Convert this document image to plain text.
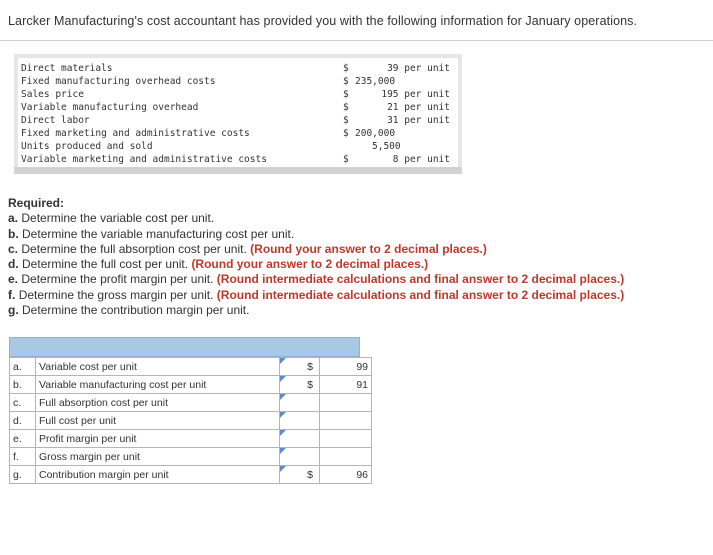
Larcker Manufacturing's cost accountant has provided you with the following information for January operations.
Direct materials	$	39 per unit
Fixed manufacturing overhead costs	$ 235,000
Sales price	$	195 per unit
Variable manufacturing overhead	$	21 per unit
Direct labor	$	31 per unit
Fixed marketing and administrative costs	$ 200,000
Units produced and sold	5,500
Variable marketing and administrative costs	$	8 per unit
Required:
a. Determine the variable cost per unit.
b. Determine the variable manufacturing cost per unit.
c. Determine the full absorption cost per unit. (Round your answer to 2 decimal places.)
d. Determine the full cost per unit. (Round your answer to 2 decimal places.)
e. Determine the profit margin per unit. (Round intermediate calculations and final answer to 2 decimal places.)
f. Determine the gross margin per unit. (Round intermediate calculations and final answer to 2 decimal places.)
g. Determine the contribution margin per unit.
a.	Variable cost per unit	$	99
b.	Variable manufacturing cost per unit	$	91
c.	Full absorption cost per unit	

d.	Full cost per unit	

e.	Profit margin per unit	

f.	Gross margin per unit	

g.	Contribution margin per unit	$	96
